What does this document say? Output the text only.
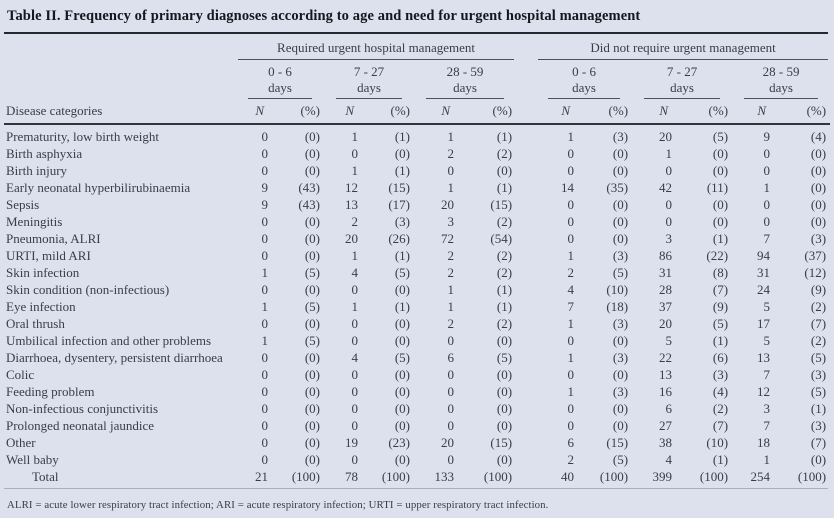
Table II. Frequency of primary diagnoses according to age and need for urgent hospital management

	Required urgent hospital management							Did not require urgent management					

	0 - 6
days		7 - 27
days		28 - 59
days			0 - 6
days		7 - 27
days		28 - 59
days	

Disease categories	N	(%)	N	(%)	N	(%)		N	(%)	N	(%)	N	(%)
Prematurity, low birth weight	0	(0)	1	(1)	1	(1)		1	(3)	20	(5)	9	(4)
Birth asphyxia	0	(0)	0	(0)	2	(2)		0	(0)	1	(0)	0	(0)
Birth injury	0	(0)	1	(1)	0	(0)		0	(0)	0	(0)	0	(0)
Early neonatal hyperbilirubinaemia	9	(43)	12	(15)	1	(1)		14	(35)	42	(11)	1	(0)
Sepsis	9	(43)	13	(17)	20	(15)		0	(0)	0	(0)	0	(0)
Meningitis	0	(0)	2	(3)	3	(2)		0	(0)	0	(0)	0	(0)
Pneumonia, ALRI	0	(0)	20	(26)	72	(54)		0	(0)	3	(1)	7	(3)
URTI, mild ARI	0	(0)	1	(1)	2	(2)		1	(3)	86	(22)	94	(37)
Skin infection	1	(5)	4	(5)	2	(2)		2	(5)	31	(8)	31	(12)
Skin condition (non-infectious)	0	(0)	0	(0)	1	(1)		4	(10)	28	(7)	24	(9)
Eye infection	1	(5)	1	(1)	1	(1)		7	(18)	37	(9)	5	(2)
Oral thrush	0	(0)	0	(0)	2	(2)		1	(3)	20	(5)	17	(7)
Umbilical infection and other problems	1	(5)	0	(0)	0	(0)		0	(0)	5	(1)	5	(2)
Diarrhoea, dysentery, persistent diarrhoea	0	(0)	4	(5)	6	(5)		1	(3)	22	(6)	13	(5)
Colic	0	(0)	0	(0)	0	(0)		0	(0)	13	(3)	7	(3)
Feeding problem	0	(0)	0	(0)	0	(0)		1	(3)	16	(4)	12	(5)
Non-infectious conjunctivitis	0	(0)	0	(0)	0	(0)		0	(0)	6	(2)	3	(1)
Prolonged neonatal jaundice	0	(0)	0	(0)	0	(0)		0	(0)	27	(7)	7	(3)
Other	0	(0)	19	(23)	20	(15)		6	(15)	38	(10)	18	(7)
Well baby	0	(0)	0	(0)	0	(0)		2	(5)	4	(1)	1	(0)
Total	21	(100)	78	(100)	133	(100)		40	(100)	399	(100)	254	(100)
ALRI = acute lower respiratory tract infection; ARI = acute respiratory infection; URTI = upper respiratory tract infection.
